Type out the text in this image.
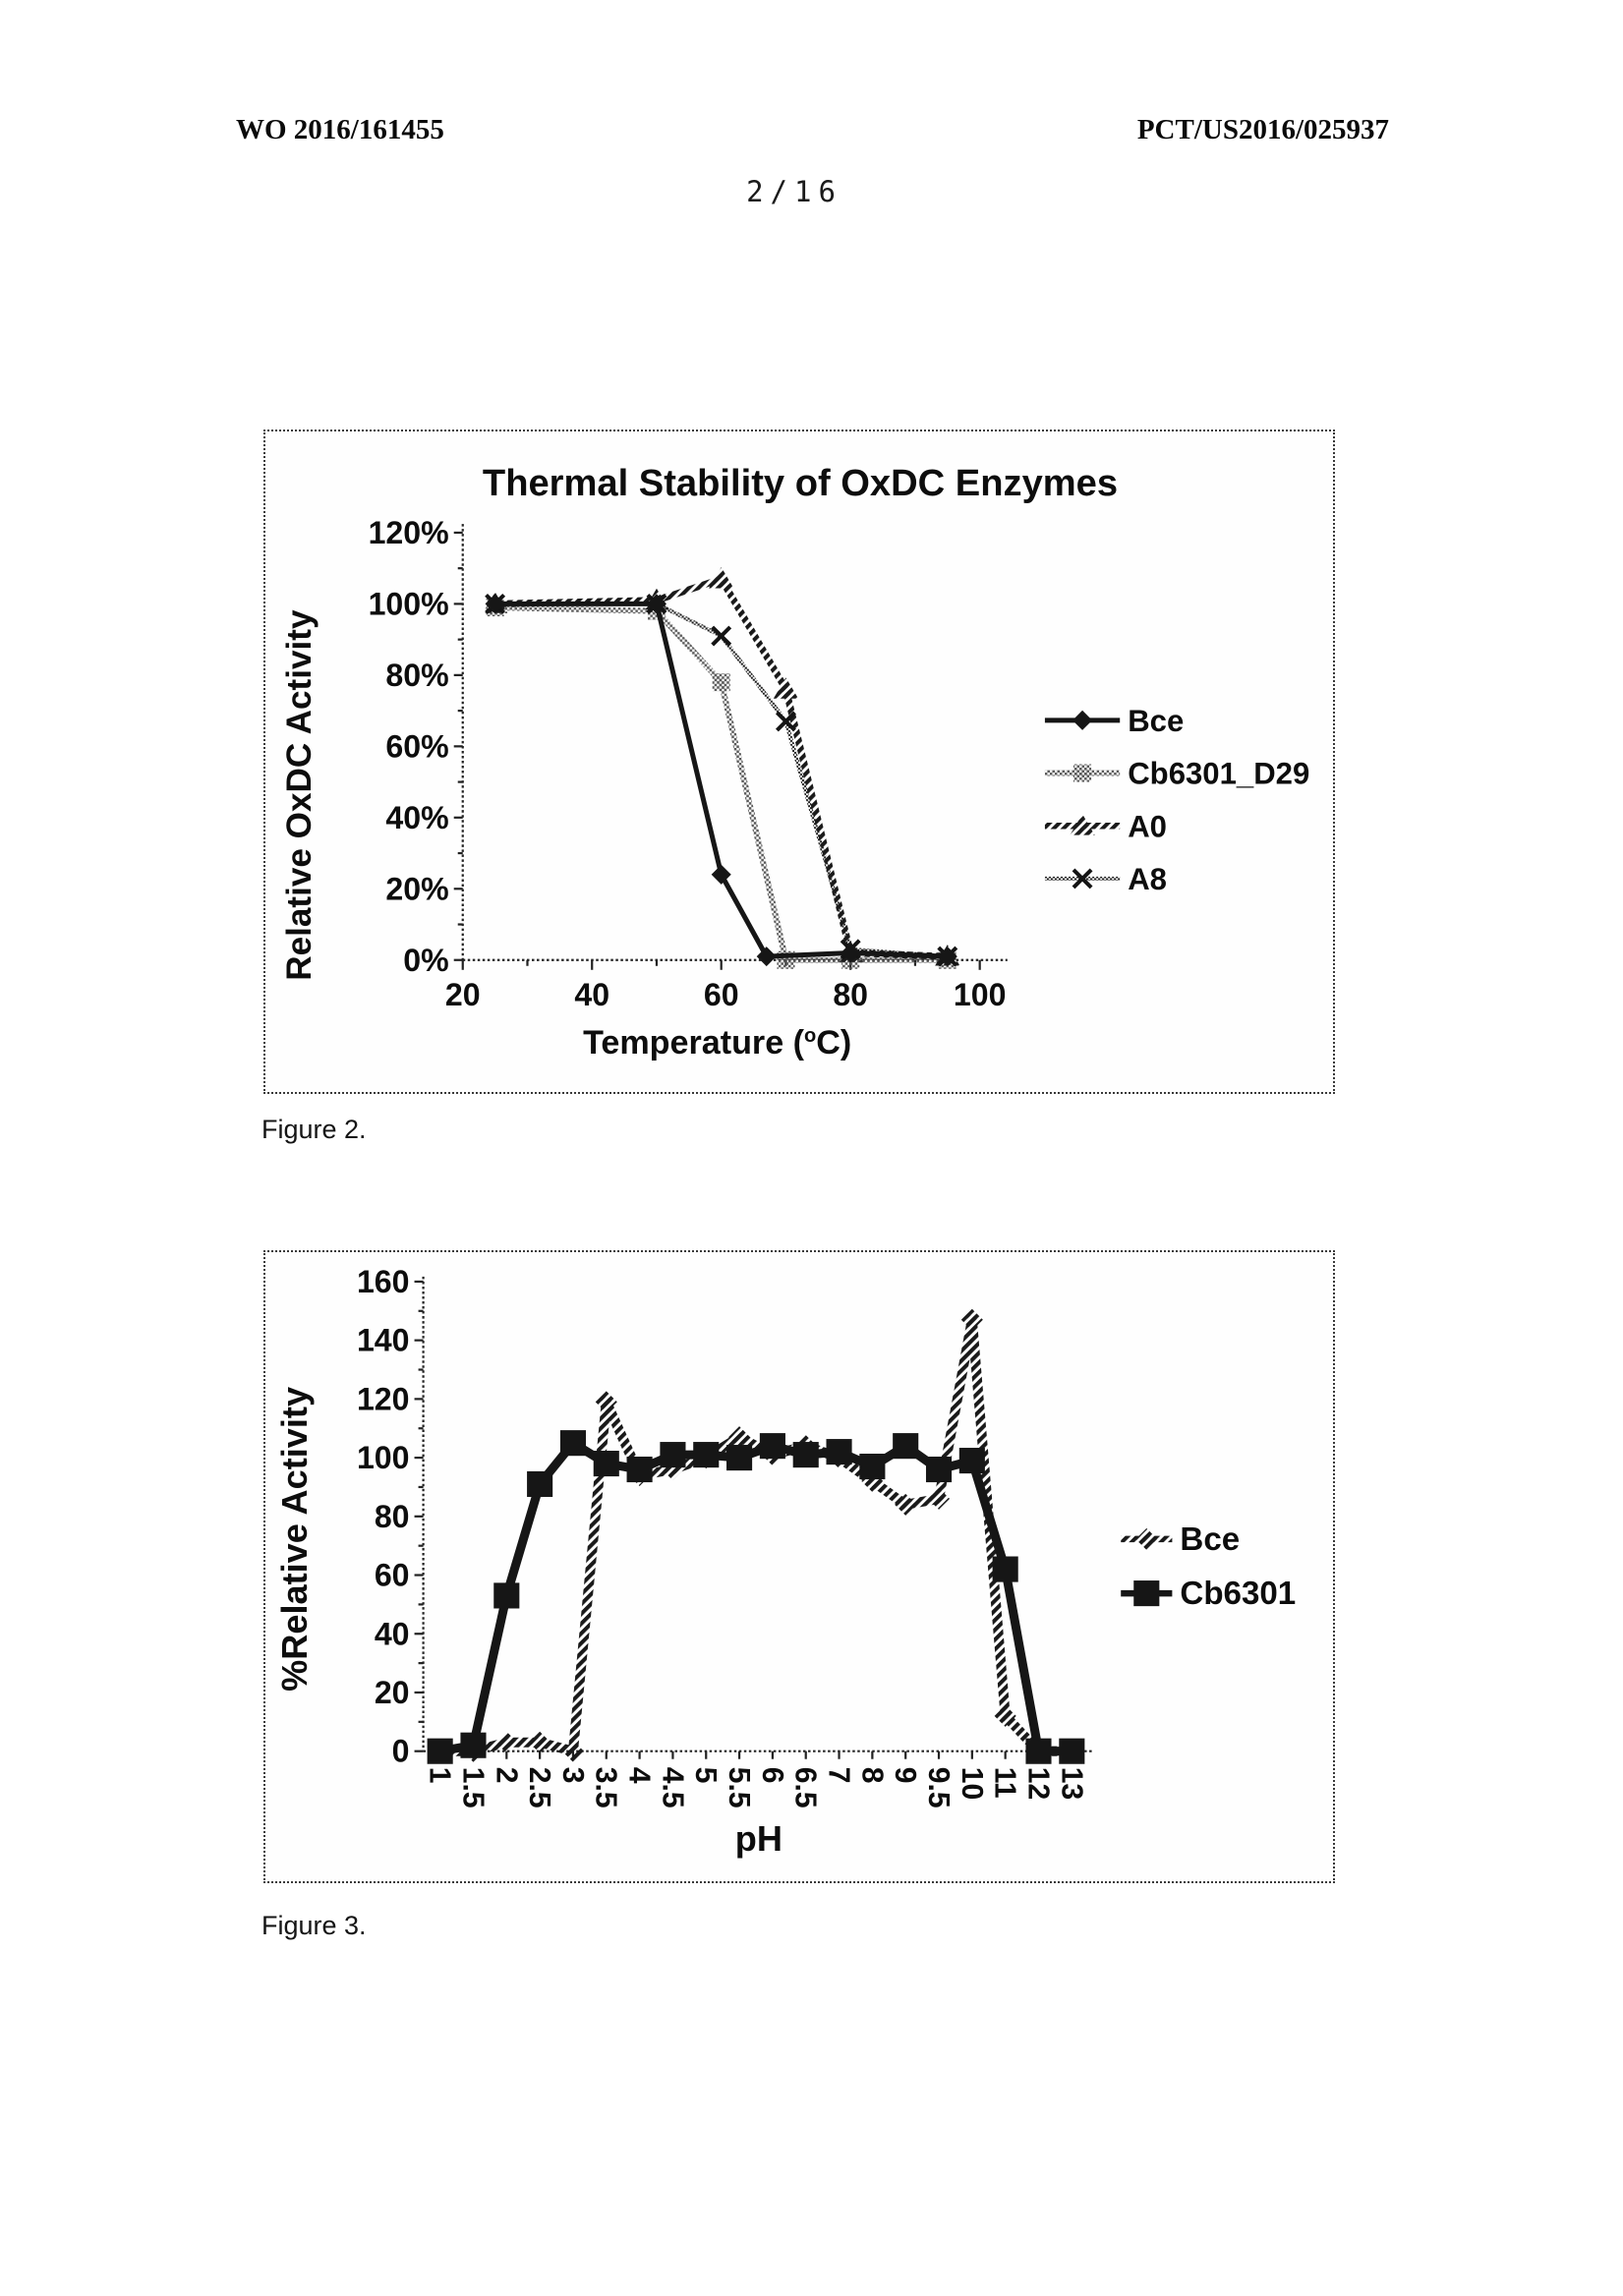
WO 2016/161455	PCT/US2016/025937
2/16
0%
20%
40%
60%
80%
100%
120%
20	40	60	80	100
Thermal Stability of OxDC Enzymes
Relative OxDC Activity
Temperature ($^o$C)
Bce
Cb6301_D29
A0
A8
Figure 2.
0
20
40
60
80
100
120
140
160
1 1.5 2 2.5 3 3.5 4 4.5 5 5.5 6 6.5 7 8 9 9.5 10 11 12 13
%Relative Activity
pH
Bce
Cb6301
Figure 3.
